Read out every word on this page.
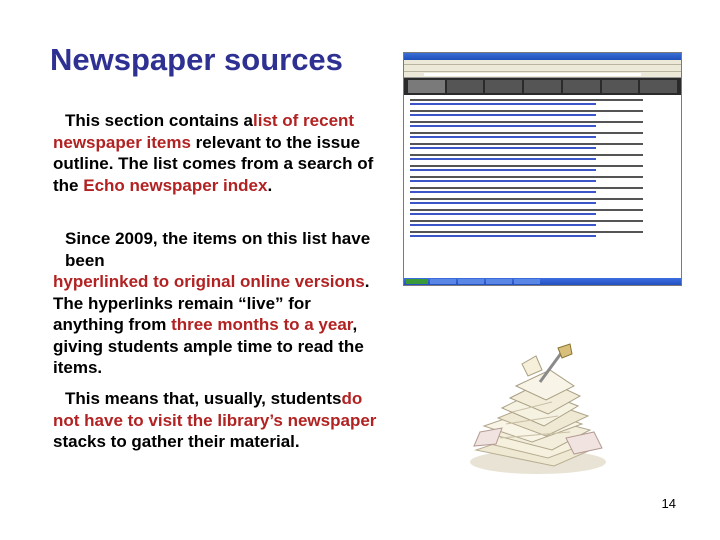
Newspaper sources
This section contains alist of recent newspaper items relevant to the issue outline. The list comes from a search of the Echo newspaper index.
Since 2009, the items on this list have beenhyperlinked to original online versions. The hyperlinks remain “live” for anything from three months to a year, giving students ample time to read the items.
This means that, usually, studentsdo not have to visit the library’s newspaper stacks to gather their material.
14
